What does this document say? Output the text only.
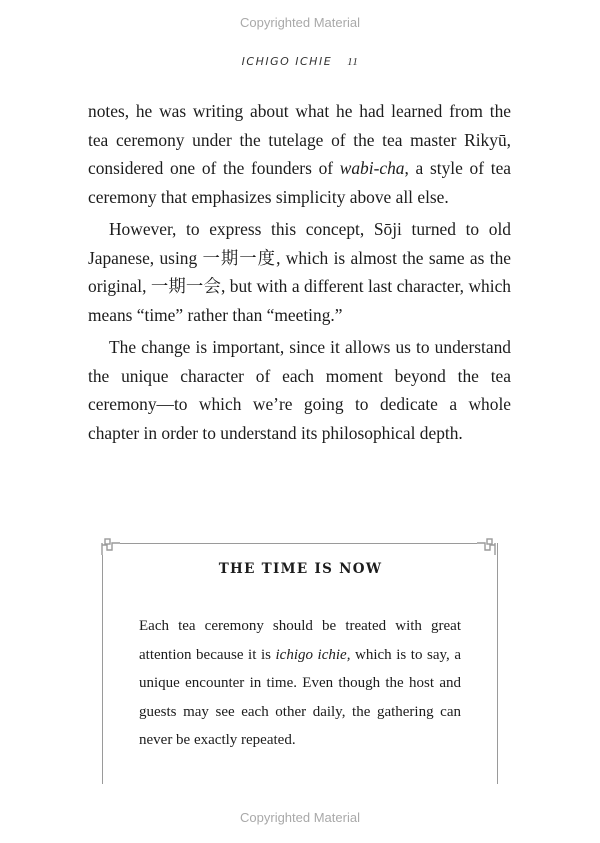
Copyrighted Material
ICHIGO ICHIE 11

notes, he was writing about what he had learned from the tea ceremony under the tutelage of the tea master Rikyū, considered one of the founders of wabi-cha, a style of tea ceremony that emphasizes simplicity above all else.

However, to express this concept, Sōji turned to old Japanese, using 一期一度, which is almost the same as the original, 一期一会, but with a different last character, which means “time” rather than “meeting.”

The change is important, since it allows us to understand the unique character of each moment beyond the tea ceremony—to which we’re going to dedicate a whole chapter in order to understand its philosophical depth.

THE TIME IS NOW

Each tea ceremony should be treated with great attention because it is ichigo ichie, which is to say, a unique encounter in time. Even though the host and guests may see each other daily, the gathering can never be exactly repeated.

Copyrighted Material
